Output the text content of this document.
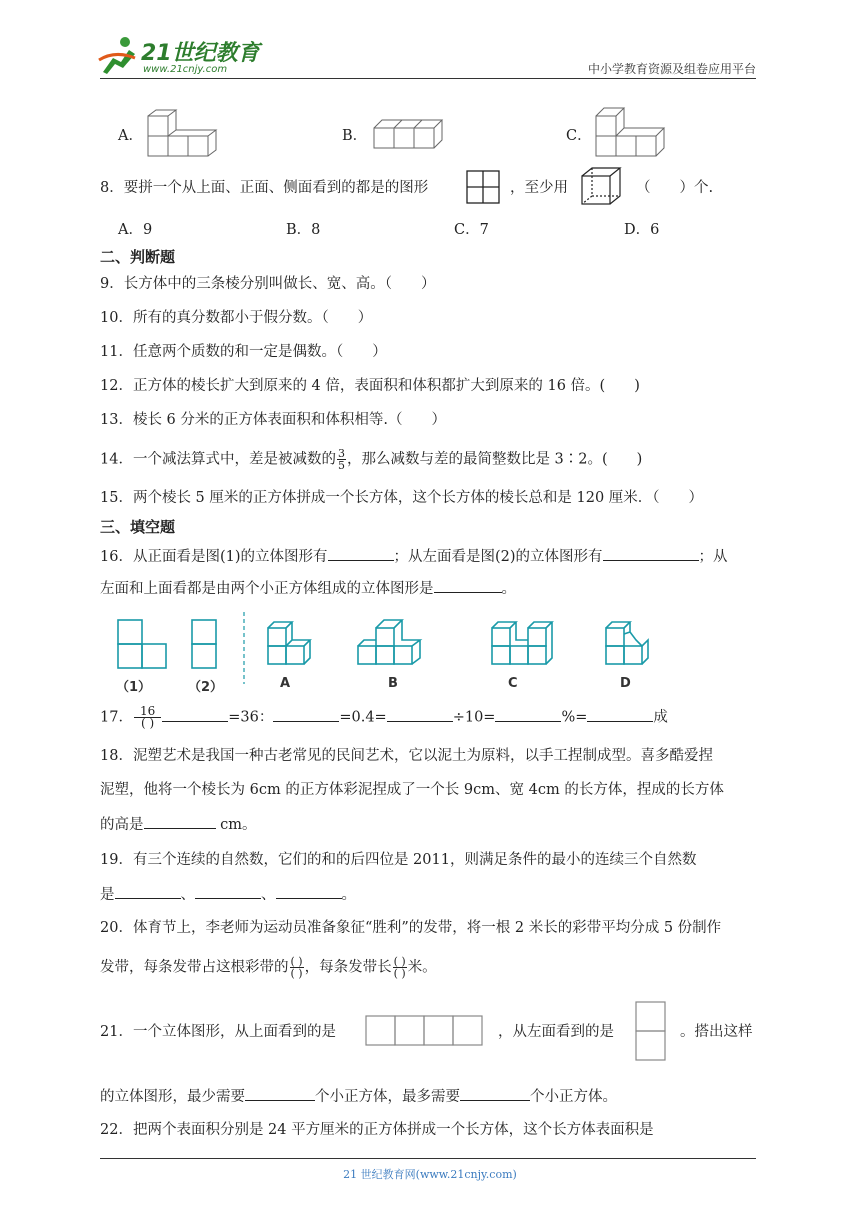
21世纪教育
www.21cnjy.com	中小学教育资源及组卷应用平台
A．	B．	C．
8．要拼一个从上面、正面、侧面看到的都是的图形	，至少用	（　　）个.
A．9	B．8	C．7	D．6
二、判断题
9．长方体中的三条棱分别叫做长、宽、高。（　　）
10．所有的真分数都小于假分数。（　　）
11．任意两个质数的和一定是偶数。（　　）
12．正方体的棱长扩大到原来的 4 倍，表面积和体积都扩大到原来的 16 倍。(　　)
13．棱长 6 分米的正方体表面积和体积相等.（　　）
14．一个减法算式中，差是被减数的 $\frac{3}{5}$ ，那么减数与差的最简整数比是 3∶2。(　　)
15．两个棱长 5 厘米的正方体拼成一个长方体，这个长方体的棱长总和是 120 厘米．（　　）
三、填空题
16．从正面看是图(1)的立体图形有	；从左面看是图(2)的立体图形有	；从
左面和上面看都是由两个小正方体组成的立体图形是	。
（1）	（2）	A	B	C	D
17． $\frac{16}{( )}$	=36：	=0.4=	÷10=	%=	成
18．泥塑艺术是我国一种古老常见的民间艺术，它以泥土为原料，以手工捏制成型。喜多酷爱捏
泥塑，他将一个棱长为 6cm 的正方体彩泥捏成了一个长 9cm、宽 4cm 的长方体，捏成的长方体
的高是	cm。
19．有三个连续的自然数，它们的和的后四位是 2011，则满足条件的最小的连续三个自然数
是	、	、	。
20．体育节上，李老师为运动员准备象征“胜利”的发带，将一根 2 米长的彩带平均分成 5 份制作
发带，每条发带占这根彩带的 $\frac{( )}{( )}$ ，每条发带长 $\frac{( )}{( )}$ 米。
21．一个立体图形，从上面看到的是	，从左面看到的是	。搭出这样
的立体图形，最少需要	个小正方体，最多需要	个小正方体。
22．把两个表面积分别是 24 平方厘米的正方体拼成一个长方体，这个长方体表面积是
21 世纪教育网(www.21cnjy.com)
